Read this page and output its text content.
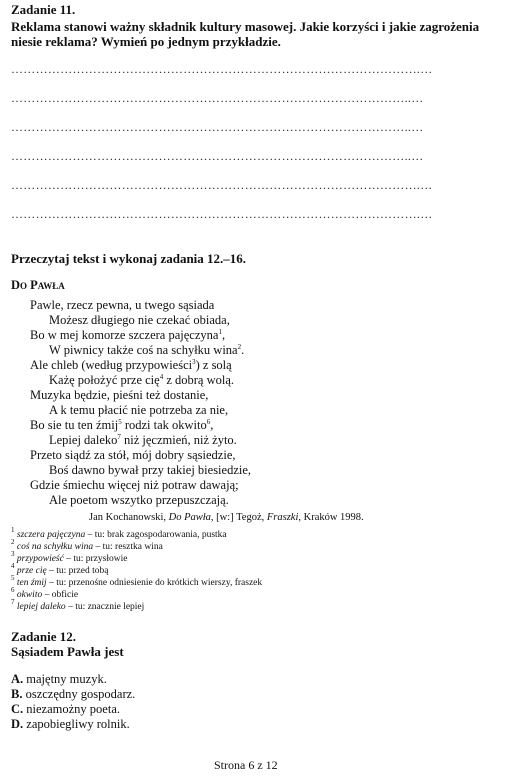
Zadanie 11.
Reklama stanowi ważny składnik kultury masowej. Jakie korzyści i jakie zagrożenia
niesie reklama? Wymień po jednym przykładzie.
……………………………………………………………………………………….…
……………………………………………………………………………………..…
……………………………………………………………………………………..…
……………………………………………………………………………………..…
……………………………………………………………………………………….…
……………………………………………………………………………………….…
Przeczytaj tekst i wykonaj zadania 12.–16.
Do Pawła
Pawle, rzecz pewna, u twego sąsiada
Możesz długiego nie czekać obiada,
Bo w mej komorze szczera pajęczyna$^1$,
W piwnicy także coś na schyłku wina$^2$.
Ale chleb (według przypowieści$^3$) z solą
Każę położyć prze cię$^4$ z dobrą wolą.
Muzyka będzie, pieśni też dostanie,
A k temu płacić nie potrzeba za nie,
Bo sie tu ten źmij$^5$ rodzi tak okwito$^6$,
Lepiej daleko$^7$ niż jęczmień, niż żyto.
Przeto siądź za stół, mój dobry sąsiedzie,
Boś dawno bywał przy takiej biesiedzie,
Gdzie śmiechu więcej niż potraw dawają;
Ale poetom wszytko przepuszczają.
Jan Kochanowski, Do Pawła, [w:] Tegoż, Fraszki, Kraków 1998.
$^1$ szczera pajęczyna – tu: brak zagospodarowania, pustka
$^2$ coś na schyłku wina – tu: resztka wina
$^3$ przypowieść – tu: przysłowie
$^4$ prze cię – tu: przed tobą
$^5$ ten źmij – tu: przenośne odniesienie do krótkich wierszy, fraszek
$^6$ okwito – obficie
$^7$ lepiej daleko – tu: znacznie lepiej
Zadanie 12.
Sąsiadem Pawła jest
A. majętny muzyk.
B. oszczędny gospodarz.
C. niezamożny poeta.
D. zapobiegliwy rolnik.
Strona 6 z 12
